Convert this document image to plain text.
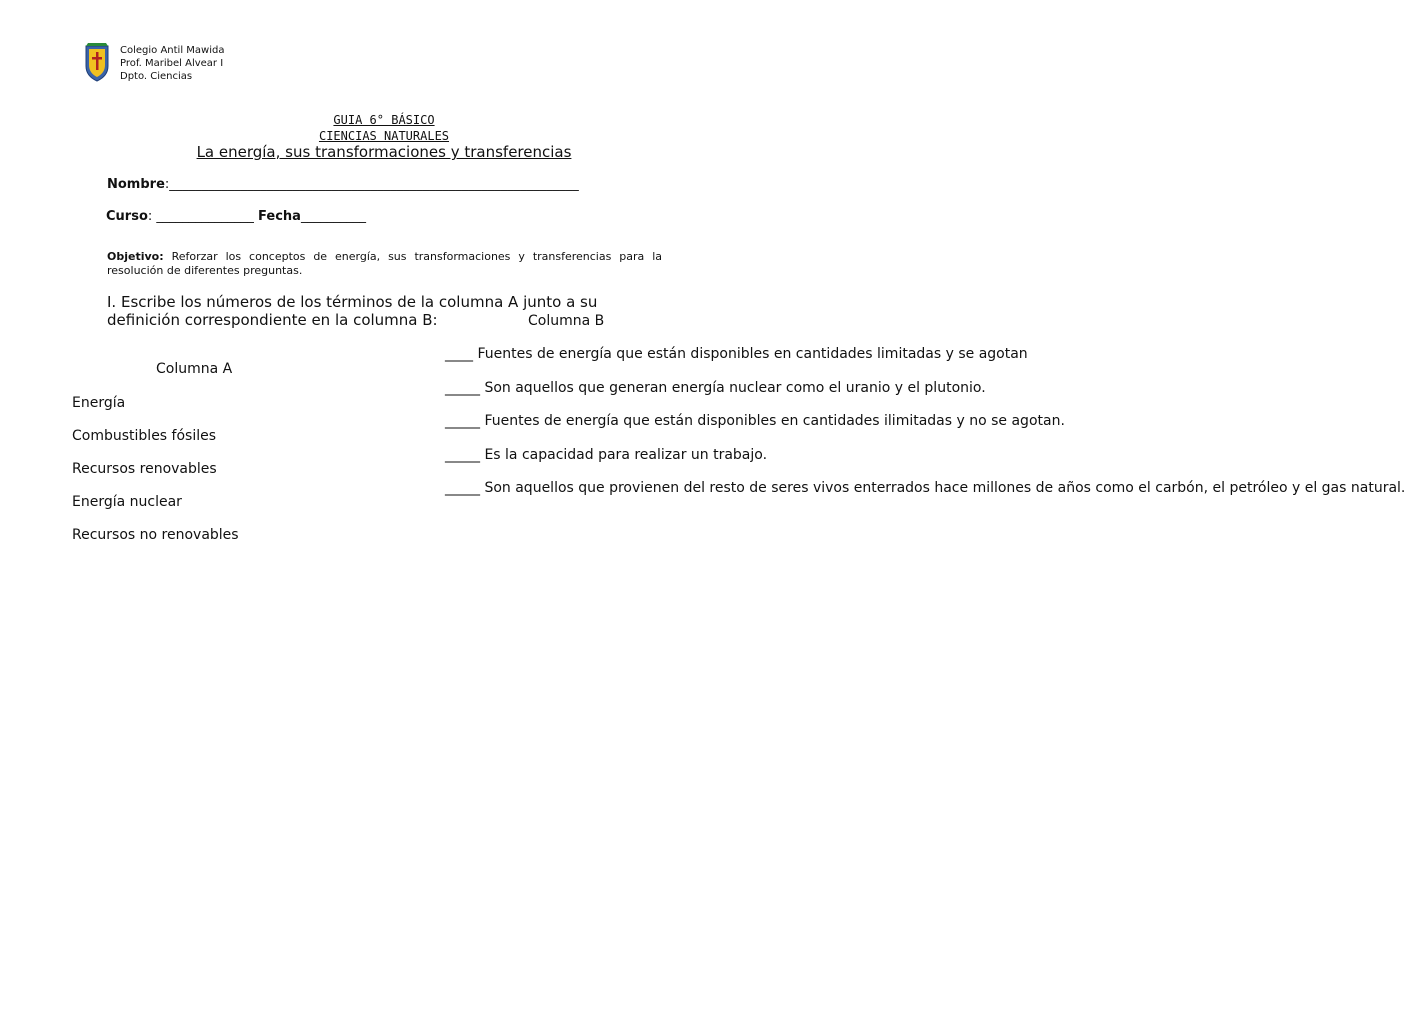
Colegio Antil Mawida
Prof. Maribel Alvear I
Dpto. Ciencias
GUIA 6° BÁSICO
CIENCIAS NATURALES
La energía, sus transformaciones y transferencias
Nombre:_______________________________________________________________
Curso: _______________ Fecha__________
Objetivo: Reforzar los conceptos de energía, sus transformaciones y transferencias para la resolución de diferentes preguntas.
I. Escribe los números de los términos de la columna A junto a su definición correspondiente en la columna B:	Columna B
Columna A
Energía
Combustibles fósiles
Recursos renovables
Energía nuclear
Recursos no renovables
____ Fuentes de energía que están disponibles en cantidades limitadas y se agotan
_____ Son aquellos que generan energía nuclear como el uranio y el plutonio.
_____ Fuentes de energía que están disponibles en cantidades ilimitadas y no se agotan.
_____ Es la capacidad para realizar un trabajo.
_____ Son aquellos que provienen del resto de seres vivos enterrados hace millones de años como el carbón, el petróleo y el gas natural.
